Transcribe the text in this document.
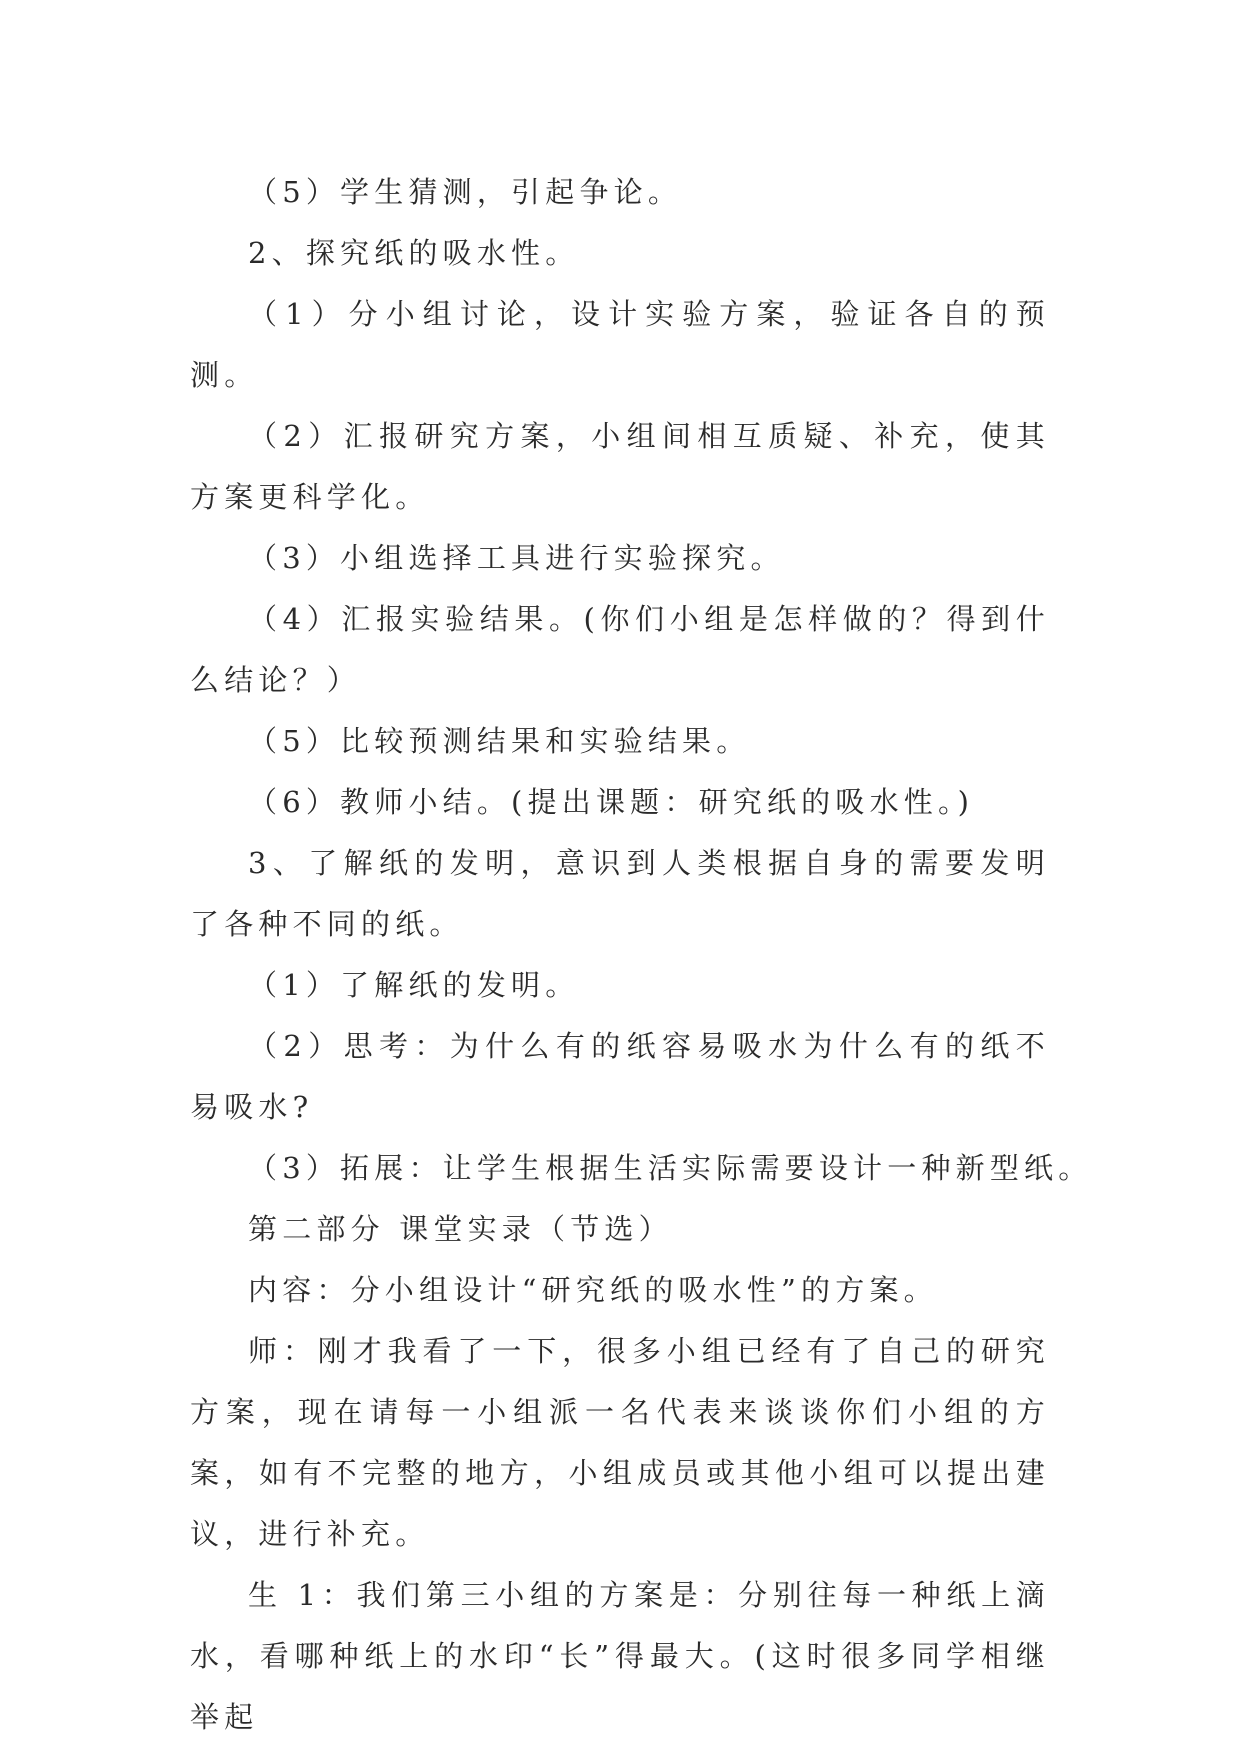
（5）学生猜测，引起争论。

2、探究纸的吸水性。

（1）分小组讨论，设计实验方案，验证各自的预测。

（2）汇报研究方案，小组间相互质疑、补充，使其方案更科学化。

（3）小组选择工具进行实验探究。

（4）汇报实验结果。(你们小组是怎样做的？得到什么结论？）

（5）比较预测结果和实验结果。

（6）教师小结。(提出课题：研究纸的吸水性。)

3、了解纸的发明，意识到人类根据自身的需要发明了各种不同的纸。

（1）了解纸的发明。

（2）思考：为什么有的纸容易吸水为什么有的纸不易吸水?

（3）拓展：让学生根据生活实际需要设计一种新型纸。

第二部分 课堂实录（节选）

内容：分小组设计“研究纸的吸水性”的方案。

师：刚才我看了一下，很多小组已经有了自己的研究方案，现在请每一小组派一名代表来谈谈你们小组的方案，如有不完整的地方，小组成员或其他小组可以提出建议，进行补充。

生 1：我们第三小组的方案是：分别往每一种纸上滴水，看哪种纸上的水印“长”得最大。(这时很多同学相继举起
